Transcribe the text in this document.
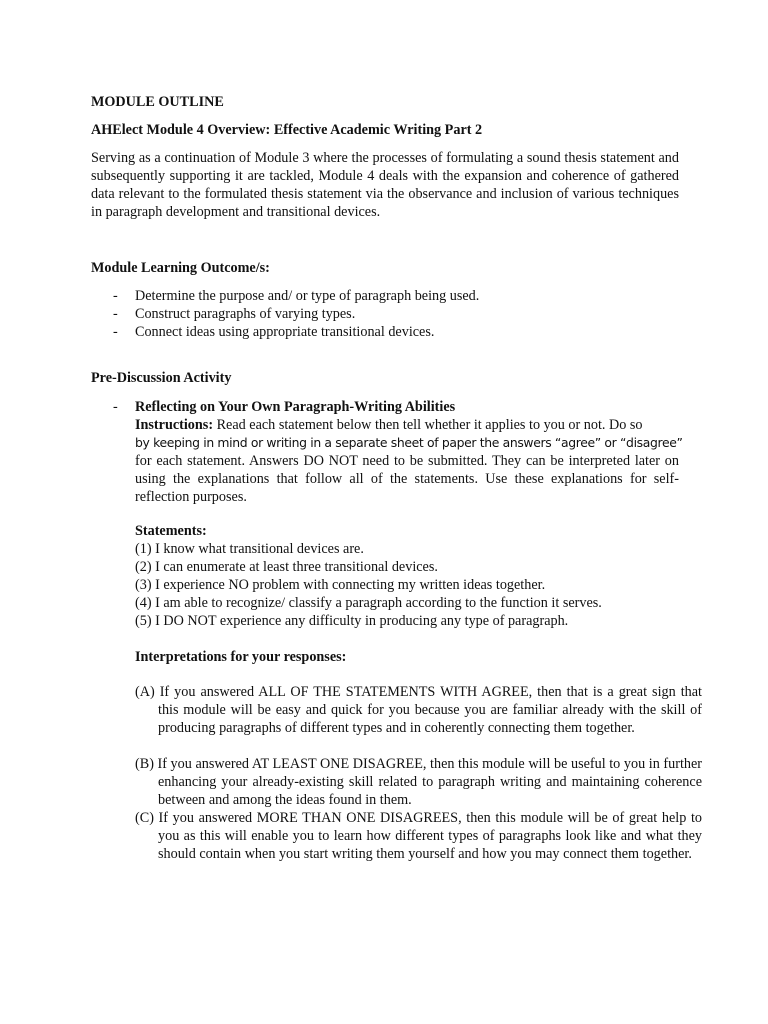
MODULE OUTLINE
AHElect Module 4 Overview: Effective Academic Writing Part 2
Serving as a continuation of Module 3 where the processes of formulating a sound thesis statement and subsequently supporting it are tackled, Module 4 deals with the expansion and coherence of gathered data relevant to the formulated thesis statement via the observance and inclusion of various techniques in paragraph development and transitional devices.
Module Learning Outcome/s:
- Determine the purpose and/ or type of paragraph being used.
- Construct paragraphs of varying types.
- Connect ideas using appropriate transitional devices.
Pre-Discussion Activity
- Reflecting on Your Own Paragraph-Writing Abilities
Instructions: Read each statement below then tell whether it applies to you or not. Do so
by keeping in mind or writing in a separate sheet of paper the answers “agree” or “disagree”
for each statement. Answers DO NOT need to be submitted. They can be interpreted later on using the explanations that follow all of the statements. Use these explanations for self-reflection purposes.
Statements:
(1) I know what transitional devices are.
(2) I can enumerate at least three transitional devices.
(3) I experience NO problem with connecting my written ideas together.
(4) I am able to recognize/ classify a paragraph according to the function it serves.
(5) I DO NOT experience any difficulty in producing any type of paragraph.
Interpretations for your responses:
(A) If you answered ALL OF THE STATEMENTS WITH AGREE, then that is a great sign that this module will be easy and quick for you because you are familiar already with the skill of producing paragraphs of different types and in coherently connecting them together.
(B) If you answered AT LEAST ONE DISAGREE, then this module will be useful to you in further enhancing your already-existing skill related to paragraph writing and maintaining coherence between and among the ideas found in them.
(C) If you answered MORE THAN ONE DISAGREES, then this module will be of great help to you as this will enable you to learn how different types of paragraphs look like and what they should contain when you start writing them yourself and how you may connect them together.
